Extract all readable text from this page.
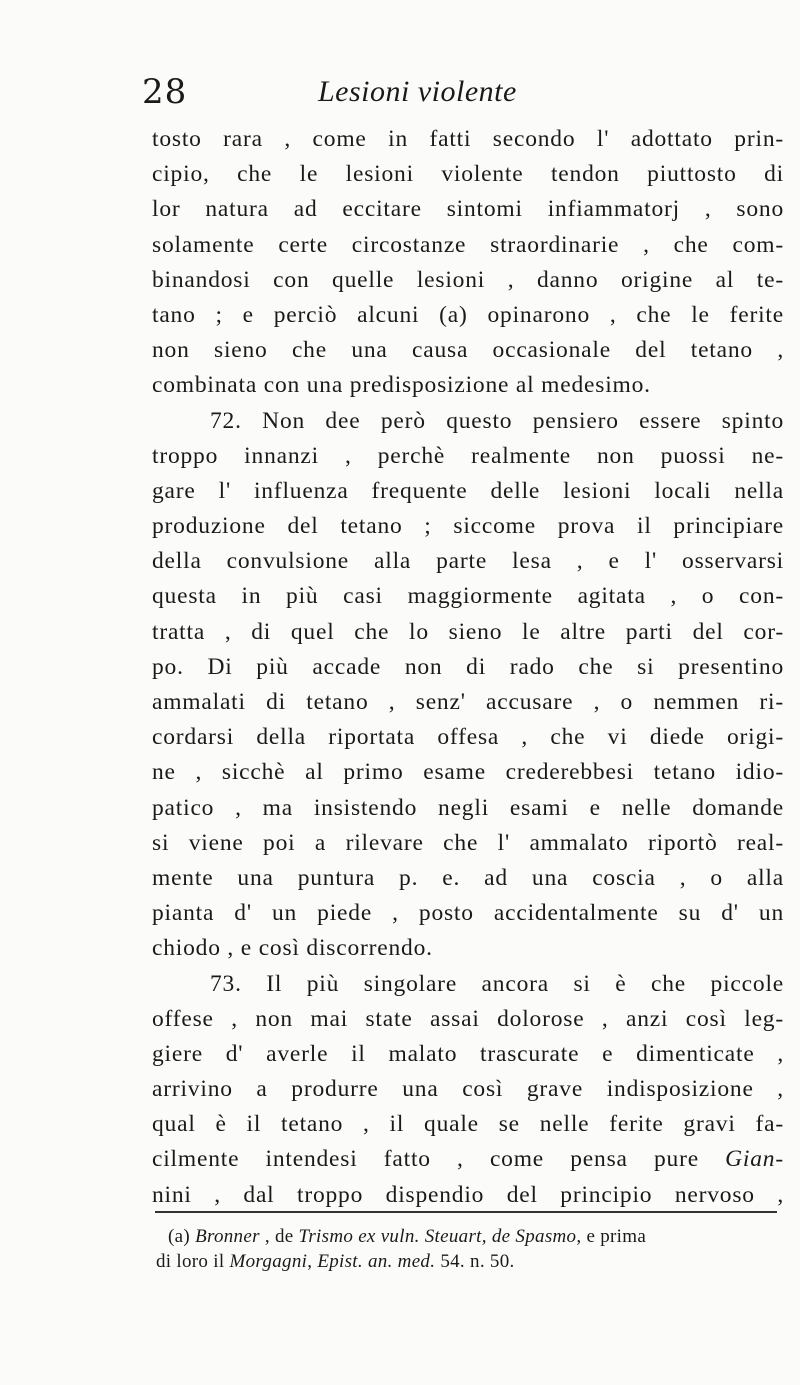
28	Lesioni violente
tosto rara , come in fatti secondo l' adottato prin-
cipio, che le lesioni violente tendon piuttosto di
lor natura ad eccitare sintomi infiammatorj , sono
solamente certe circostanze straordinarie , che com-
binandosi con quelle lesioni , danno origine al te-
tano ; e perciò alcuni (a) opinarono , che le ferite
non sieno che una causa occasionale del tetano ,
combinata con una predisposizione al medesimo.
72. Non dee però questo pensiero essere spinto
troppo innanzi , perchè realmente non puossi ne-
gare l' influenza frequente delle lesioni locali nella
produzione del tetano ; siccome prova il principiare
della convulsione alla parte lesa , e l' osservarsi
questa in più casi maggiormente agitata , o con-
tratta , di quel che lo sieno le altre parti del cor-
po. Di più accade non di rado che si presentino
ammalati di tetano , senz' accusare , o nemmen ri-
cordarsi della riportata offesa , che vi diede origi-
ne , sicchè al primo esame crederebbesi tetano idio-
patico , ma insistendo negli esami e nelle domande
si viene poi a rilevare che l' ammalato riportò real-
mente una puntura p. e. ad una coscia , o alla
pianta d' un piede , posto accidentalmente su d' un
chiodo , e così discorrendo.
73. Il più singolare ancora si è che piccole
offese , non mai state assai dolorose , anzi così leg-
giere d' averle il malato trascurate e dimenticate ,
arrivino a produrre una così grave indisposizione ,
qual è il tetano , il quale se nelle ferite gravi fa-
cilmente intendesi fatto , come pensa pure Gian-
nini , dal troppo dispendio del principio nervoso ,
(a) Bronner , de Trismo ex vuln. Steuart, de Spasmo, e prima
di loro il Morgagni, Epist. an. med. 54. n. 50.
